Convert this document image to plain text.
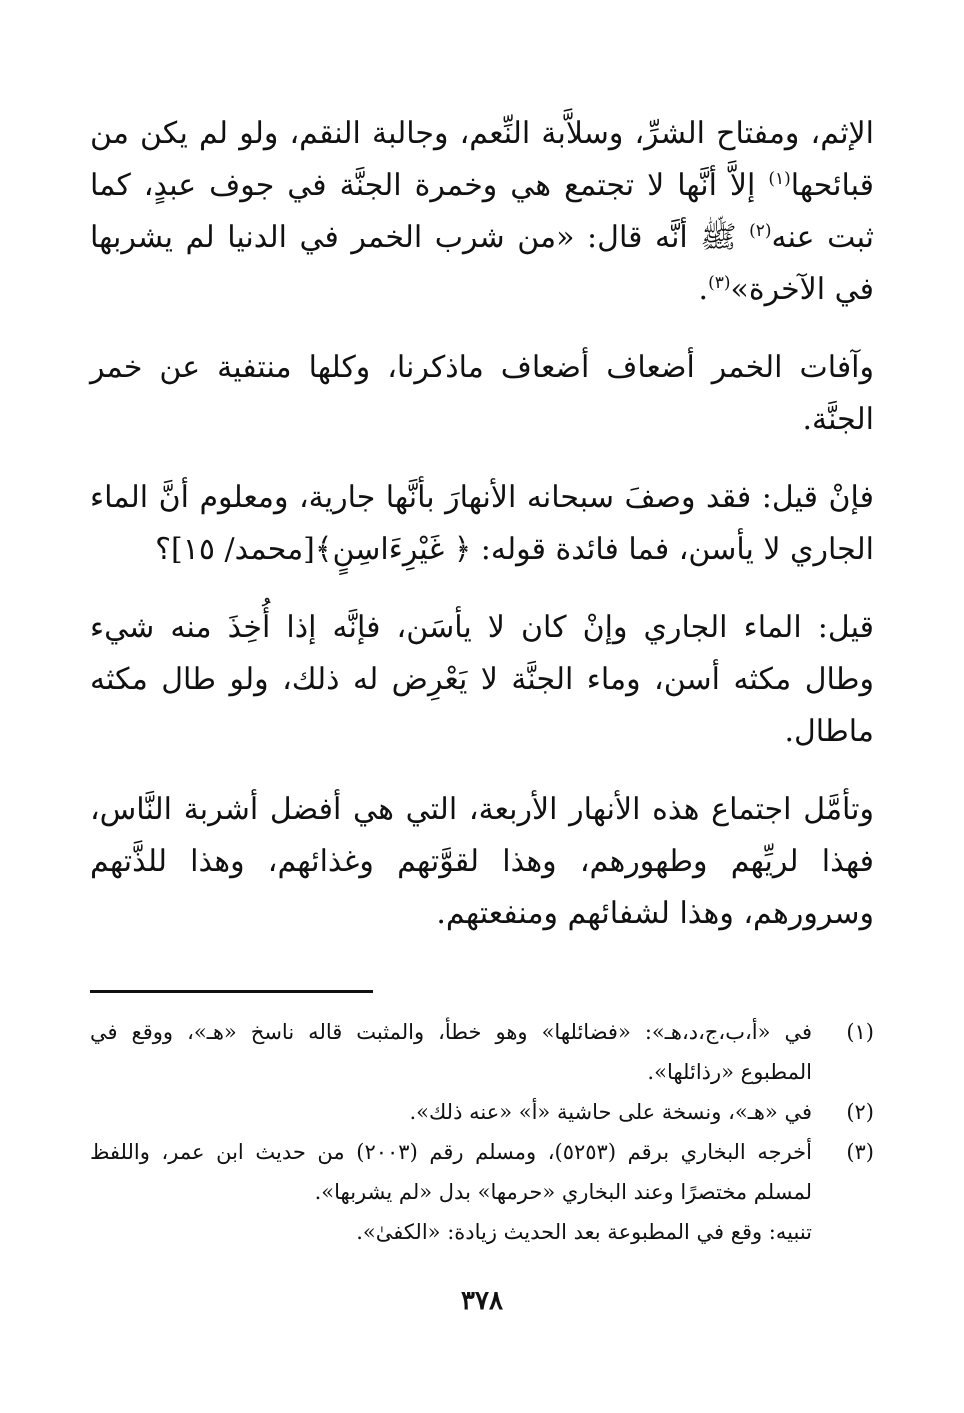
الإثم، ومفتاح الشرِّ، وسلاَّبة النِّعم، وجالبة النقم، ولو لم يكن من قبائحها$^{(١)}$ إلاَّ أنَّها لا تجتمع هي وخمرة الجنَّة في جوف عبدٍ، كما ثبت عنه$^{(٢)}$ ﷺ أنَّه قال: «من شرب الخمر في الدنيا لم يشربها في الآخرة»$^{(٣)}$.

وآفات الخمر أضعاف أضعاف ماذكرنا، وكلها منتفية عن خمر الجنَّة.

فإنْ قيل: فقد وصفَ سبحانه الأنهارَ بأنَّها جارية، ومعلوم أنَّ الماء الجاري لا يأسن، فما فائدة قوله: ﴿ غَيْرِءَاسِنٍ﴾[محمد/ ١٥]؟

قيل: الماء الجاري وإنْ كان لا يأسَن، فإنَّه إذا أُخِذَ منه شيء وطال مكثه أسن، وماء الجنَّة لا يَعْرِض له ذلك، ولو طال مكثه ماطال.

وتأمَّل اجتماع هذه الأنهار الأربعة، التي هي أفضل أشربة النَّاس، فهذا لريِّهم وطهورهم، وهذا لقوَّتهم وغذائهم، وهذا للذَّتهم وسرورهم، وهذا لشفائهم ومنفعتهم.

(١)
في «أ،ب،ج،د،هـ»: «فضائلها» وهو خطأ، والمثبت قاله ناسخ «هـ»، ووقع في المطبوع «رذائلها».
(٢)
في «هـ»، ونسخة على حاشية «أ» «عنه ذلك».
(٣)
أخرجه البخاري برقم (٥٢٥٣)، ومسلم رقم (٢٠٠٣) من حديث ابن عمر، واللفظ لمسلم مختصرًا وعند البخاري «حرمها» بدل «لم يشربها».
تنبيه: وقع في المطبوعة بعد الحديث زيادة: «الكفىٰ».
٣٧٨
